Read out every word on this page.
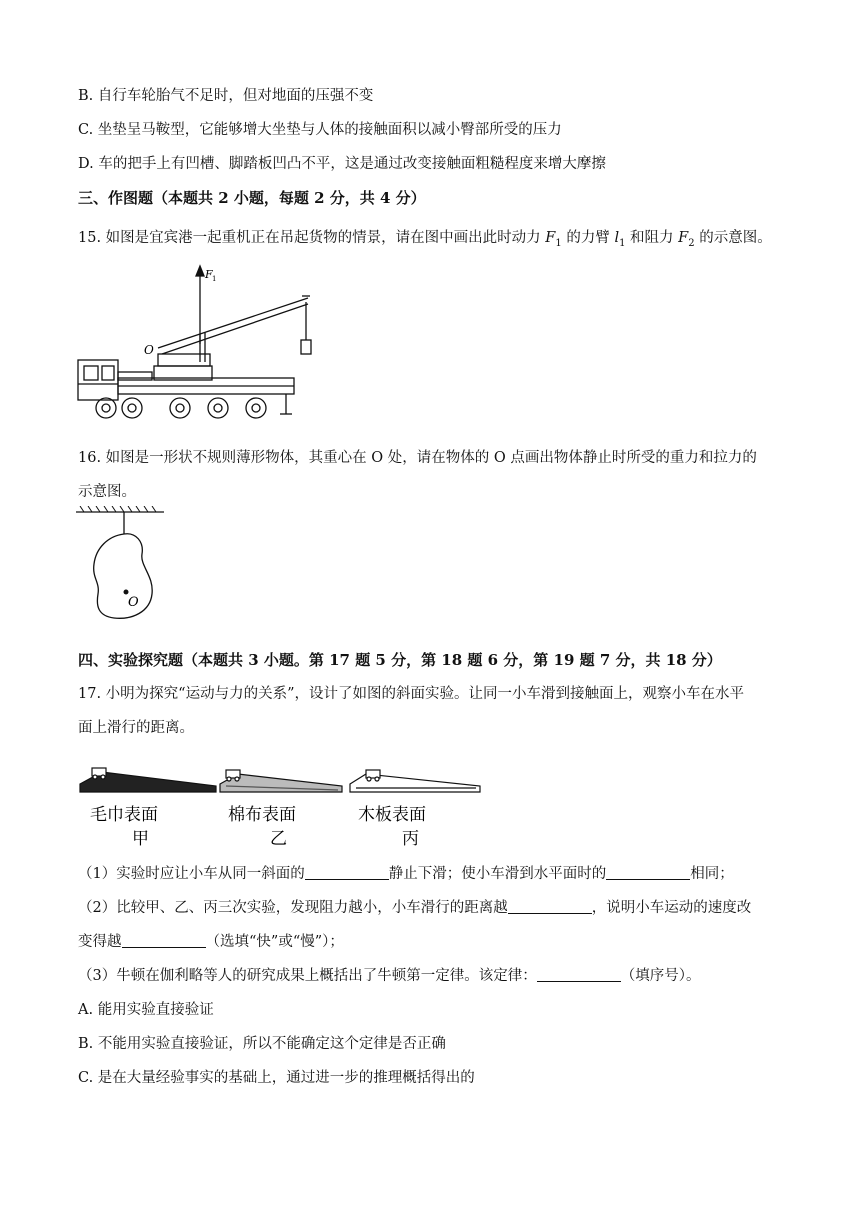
B. 自行车轮胎气不足时，但对地面的压强不变
C. 坐垫呈马鞍型，它能够增大坐垫与人体的接触面积以减小臀部所受的压力
D. 车的把手上有凹槽、脚踏板凹凸不平，这是通过改变接触面粗糙程度来增大摩擦
三、作图题（本题共 2 小题，每题 2 分，共 4 分）
15. 如图是宜宾港一起重机正在吊起货物的情景，请在图中画出此时动力 $F_1$ 的力臂 $l_1$ 和阻力 $F_2$ 的示意图。
F 1
O
16. 如图是一形状不规则薄形物体，其重心在 O 处，请在物体的 O 点画出物体静止时所受的重力和拉力的
示意图。
O
四、实验探究题（本题共 3 小题。第 17 题 5 分，第 18 题 6 分，第 19 题 7 分，共 18 分）
17. 小明为探究“运动与力的关系”，设计了如图的斜面实验。让同一小车滑到接触面上，观察小车在水平
面上滑行的距离。
毛巾表面
甲
棉布表面
乙
木板表面
丙
（1）实验时应让小车从同一斜面的	静止下滑；使小车滑到水平面时的	相同；
（2）比较甲、乙、丙三次实验，发现阻力越小，小车滑行的距离越	，说明小车运动的速度改
变得越	（选填“快”或“慢”）；
（3）牛顿在伽利略等人的研究成果上概括出了牛顿第一定律。该定律：	（填序号）。
A. 能用实验直接验证
B. 不能用实验直接验证，所以不能确定这个定律是否正确
C. 是在大量经验事实的基础上，通过进一步的推理概括得出的
